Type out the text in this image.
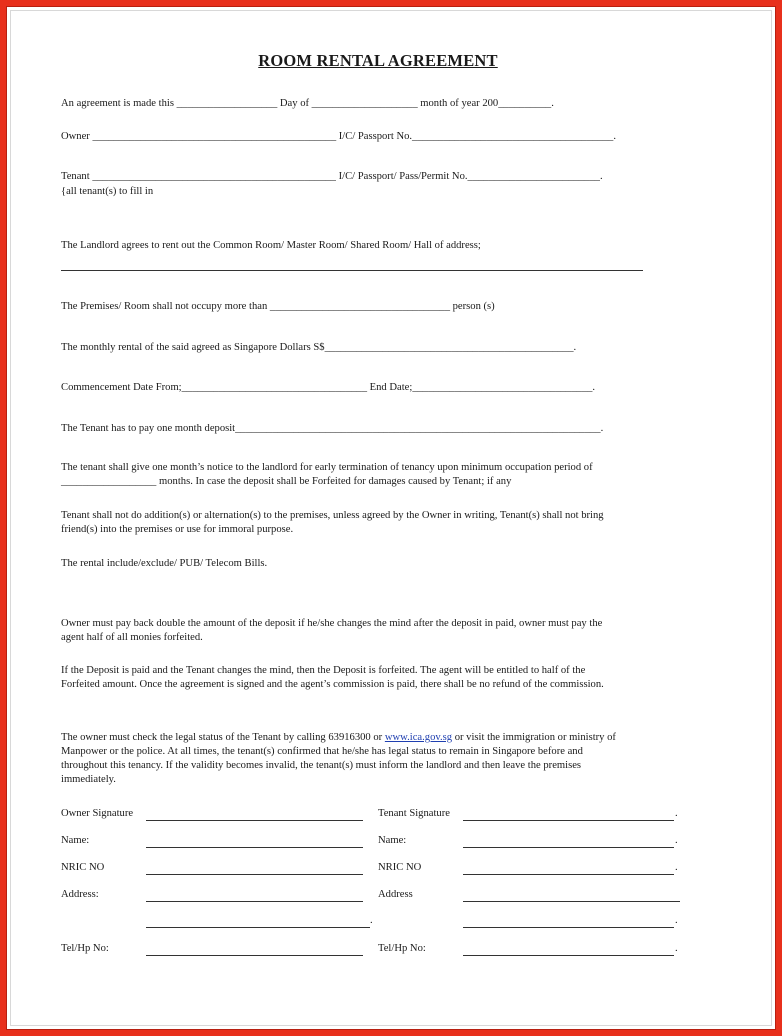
ROOM RENTAL AGREEMENT
An agreement is made this ___________________ Day of ____________________ month of year 200__________.
Owner ______________________________________________ I/C/ Passport No.______________________________________.
Tenant ______________________________________________ I/C/ Passport/ Pass/Permit No._________________________.
{all tenant(s) to fill in
The Landlord agrees to rent out the Common Room/ Master Room/ Shared Room/ Hall of address;
The Premises/ Room shall not occupy more than __________________________________ person (s)
The monthly rental of the said agreed as Singapore Dollars S$_______________________________________________.
Commencement Date From;___________________________________ End Date;__________________________________.
The Tenant has to pay one month deposit_____________________________________________________________________.
The tenant shall give one month’s notice to the landlord for early termination of tenancy upon minimum occupation period of
__________________ months. In case the deposit shall be Forfeited for damages caused by Tenant; if any
Tenant shall not do addition(s) or alternation(s) to the premises, unless agreed by the Owner in writing, Tenant(s) shall not bring
friend(s) into the premises or use for immoral purpose.
The rental include/exclude/ PUB/ Telecom Bills.
Owner must pay back double the amount of the deposit if he/she changes the mind after the deposit in paid, owner must pay the
agent half of all monies forfeited.
If the Deposit is paid and the Tenant changes the mind, then the Deposit is forfeited. The agent will be entitled to half of the
Forfeited amount. Once the agreement is signed and the agent’s commission is paid, there shall be no refund of the commission.
The owner must check the legal status of the Tenant by calling 63916300 or www.ica.gov.sg or visit the immigration or ministry of
Manpower or the police. At all times, the tenant(s) confirmed that he/she has legal status to remain in Singapore before and
throughout this tenancy. If the validity becomes invalid, the tenant(s) must inform the landlord and then leave the premises
immediately.
Owner Signature	Tenant Signature	.
Name:	Name:	.
NRIC NO	NRIC NO	.
Address:	Address
.	.
Tel/Hp No:	Tel/Hp No:	.
